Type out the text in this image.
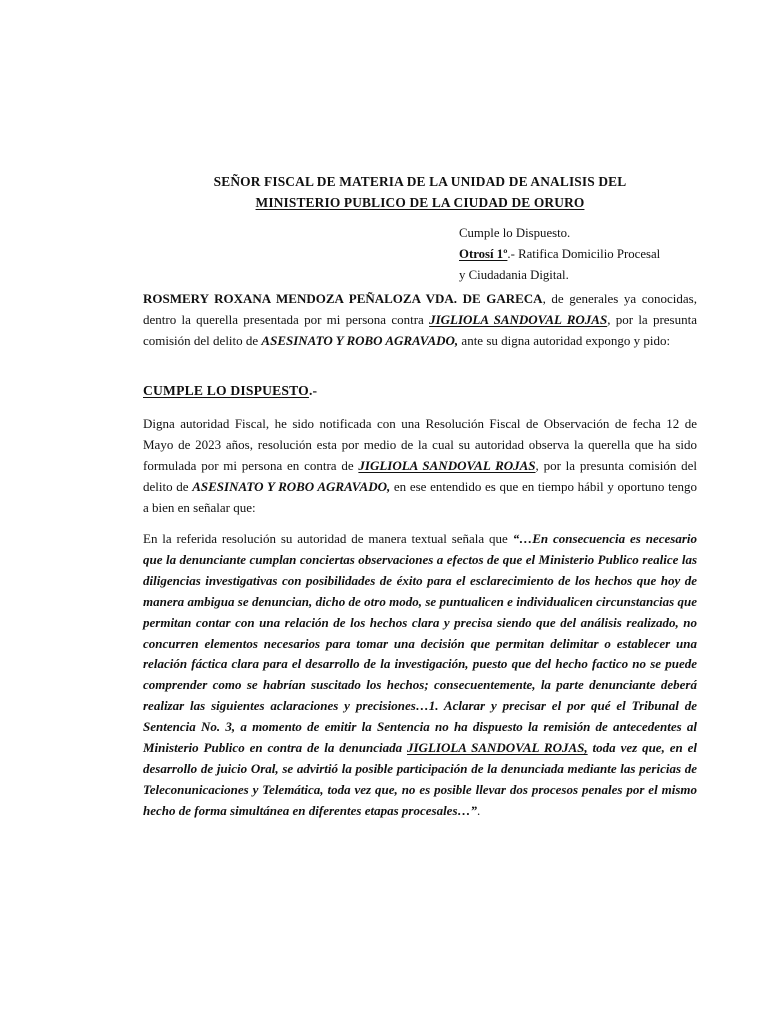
SEÑOR FISCAL DE MATERIA DE LA UNIDAD DE ANALISIS DEL
MINISTERIO PUBLICO DE LA CIUDAD DE ORURO
Cumple lo Dispuesto.
Otrosí 1º.- Ratifica Domicilio Procesal
y Ciudadania Digital.
ROSMERY ROXANA MENDOZA PEÑALOZA VDA. DE GARECA, de generales ya conocidas, dentro la querella presentada por mi persona contra JIGLIOLA SANDOVAL ROJAS, por la presunta comisión del delito de ASESINATO Y ROBO AGRAVADO, ante su digna autoridad expongo y pido:
CUMPLE LO DISPUESTO.-
Digna autoridad Fiscal, he sido notificada con una Resolución Fiscal de Observación de fecha 12 de Mayo de 2023 años, resolución esta por medio de la cual su autoridad observa la querella que ha sido formulada por mi persona en contra de JIGLIOLA SANDOVAL ROJAS, por la presunta comisión del delito de ASESINATO Y ROBO AGRAVADO, en ese entendido es que en tiempo hábil y oportuno tengo a bien en señalar que:
En la referida resolución su autoridad de manera textual señala que “…En consecuencia es necesario que la denunciante cumplan conciertas observaciones a efectos de que el Ministerio Publico realice las diligencias investigativas con posibilidades de éxito para el esclarecimiento de los hechos que hoy de manera ambigua se denuncian, dicho de otro modo, se puntualicen e individualicen circunstancias que permitan contar con una relación de los hechos clara y precisa siendo que del análisis realizado, no concurren elementos necesarios para tomar una decisión que permitan delimitar o establecer una relación fáctica clara para el desarrollo de la investigación, puesto que del hecho factico no se puede comprender como se habrían suscitado los hechos; consecuentemente, la parte denunciante deberá realizar las siguientes aclaraciones y precisiones…1. Aclarar y precisar el por qué el Tribunal de Sentencia No. 3, a momento de emitir la Sentencia no ha dispuesto la remisión de antecedentes al Ministerio Publico en contra de la denunciada JIGLIOLA SANDOVAL ROJAS, toda vez que, en el desarrollo de juicio Oral, se advirtió la posible participación de la denunciada mediante las pericias de Teleconunicaciones y Telemática, toda vez que, no es posible llevar dos procesos penales por el mismo hecho de forma simultánea en diferentes etapas procesales…”.
